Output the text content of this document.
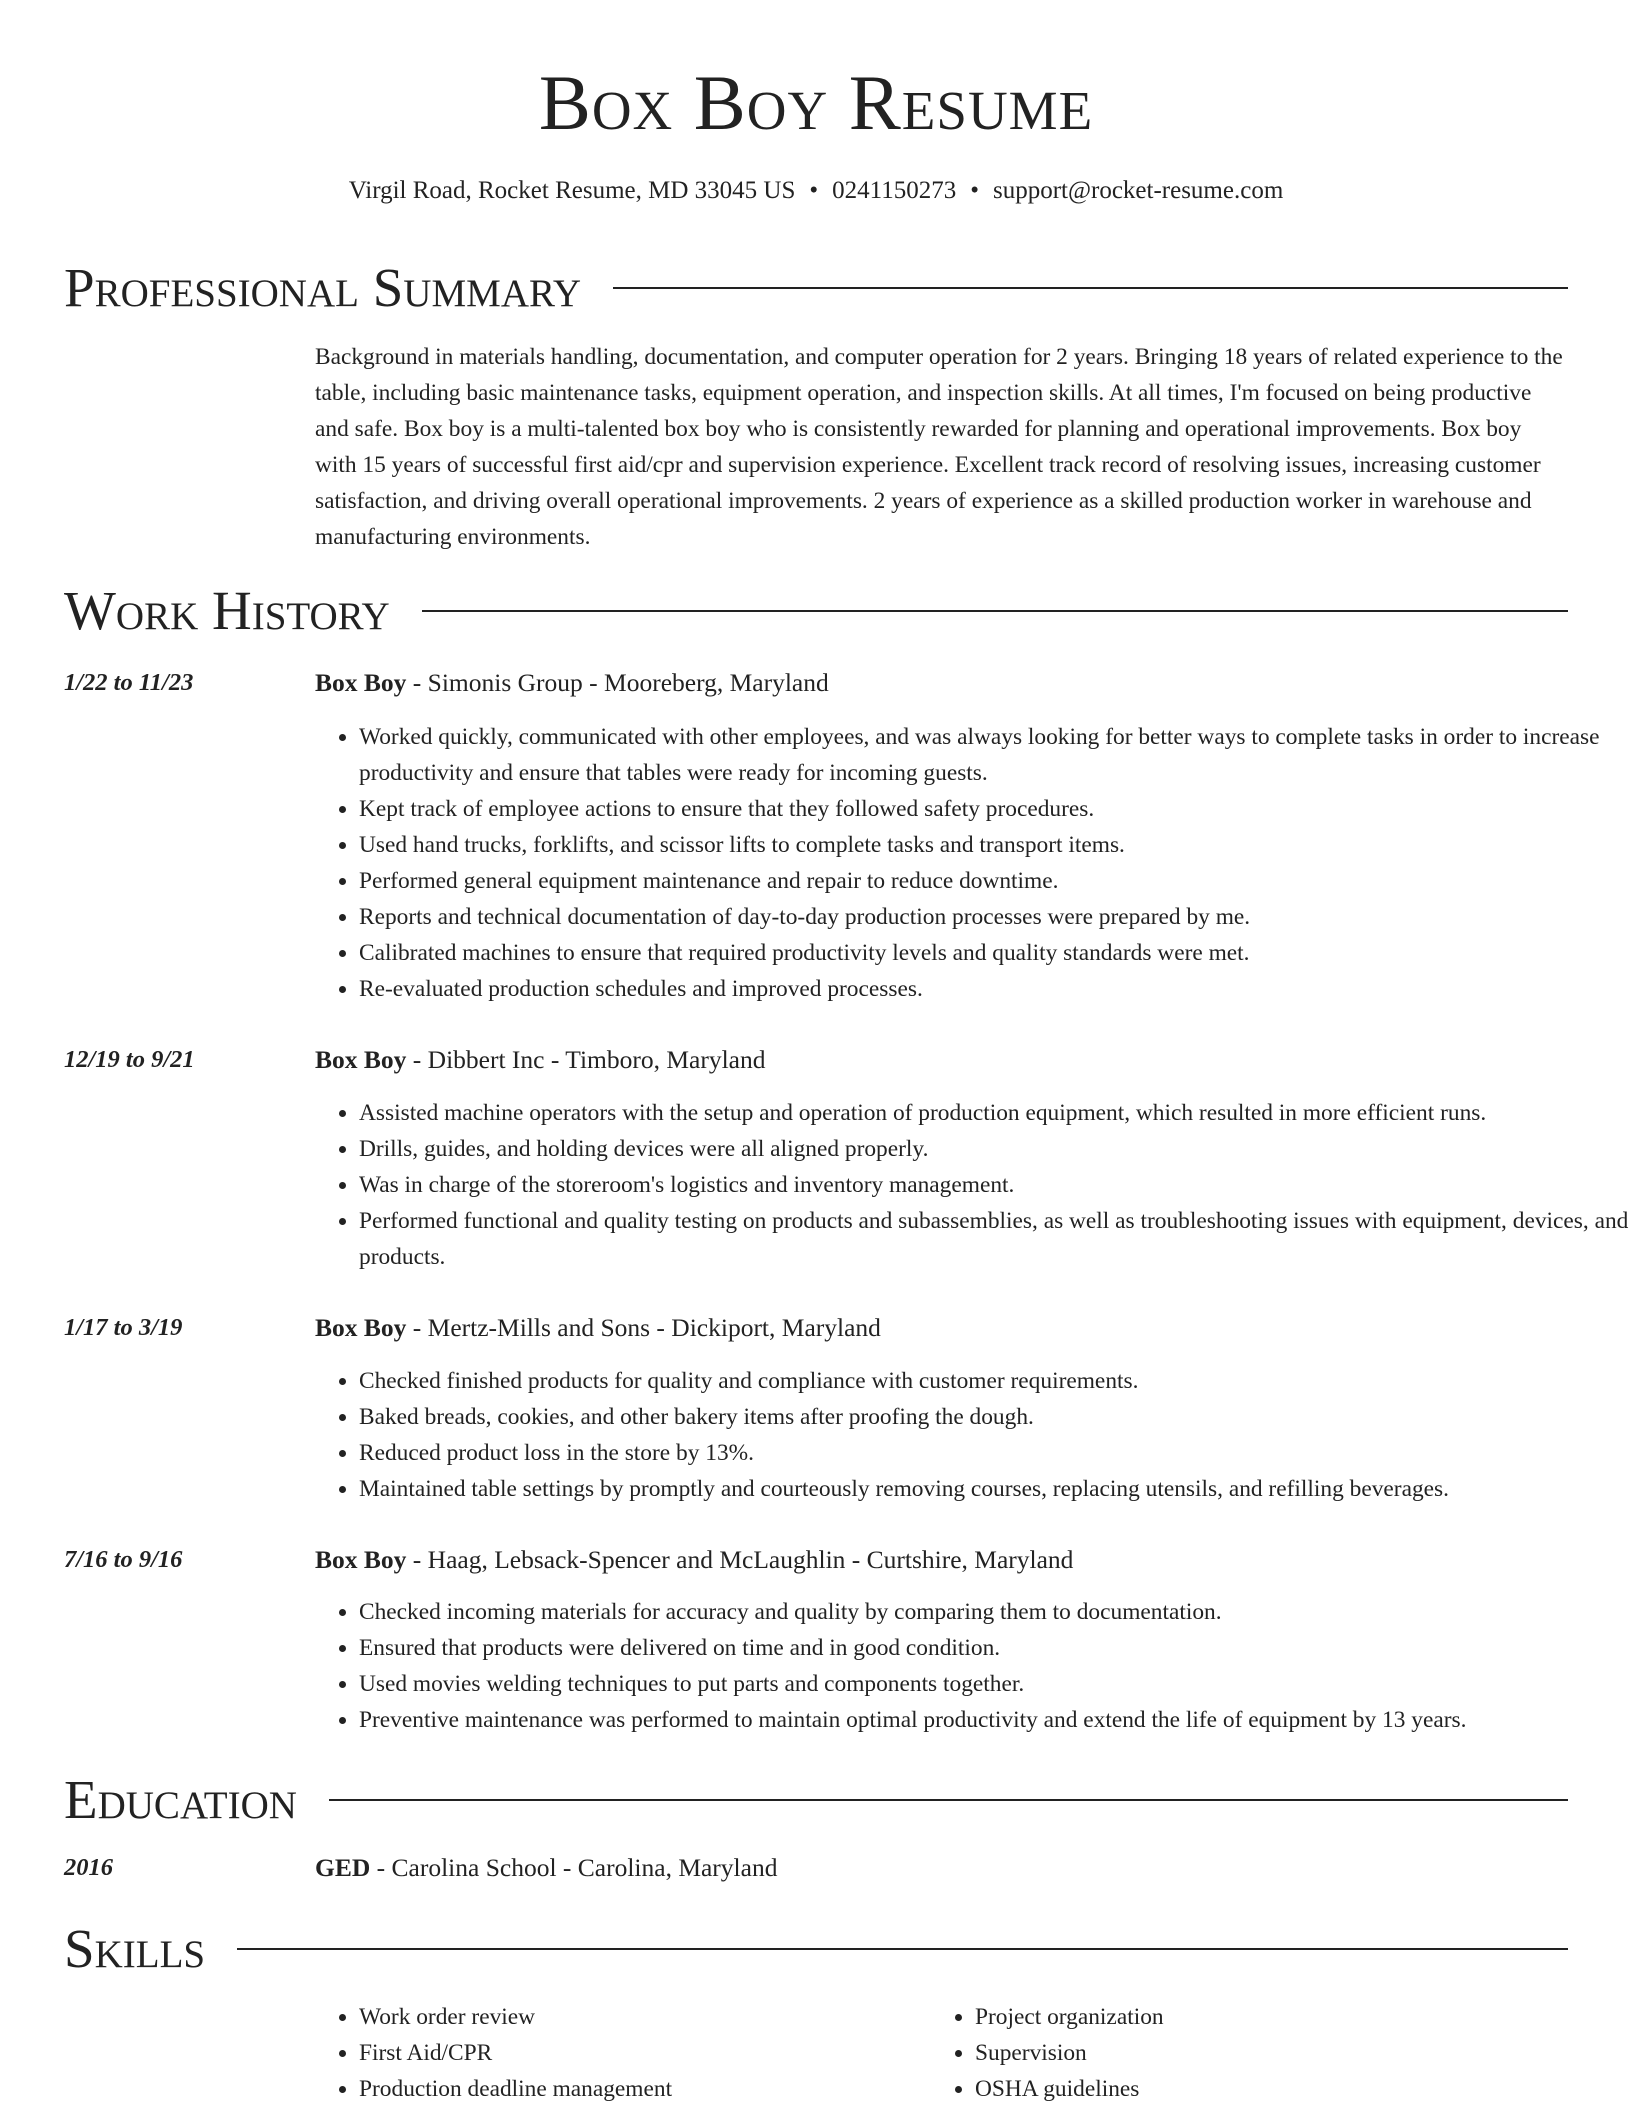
Box Boy Resume
Virgil Road, Rocket Resume, MD 33045 US • 0241150273 • support@rocket-resume.com
Professional Summary

Background in materials handling, documentation, and computer operation for 2 years. Bringing 18 years of related experience to the table, including basic maintenance tasks, equipment operation, and inspection skills. At all times, I'm focused on being productive and safe. Box boy is a multi-talented box boy who is consistently rewarded for planning and operational improvements. Box boy with 15 years of successful first aid/cpr and supervision experience. Excellent track record of resolving issues, increasing customer satisfaction, and driving overall operational improvements. 2 years of experience as a skilled production worker in warehouse and manufacturing environments.

Work History
1/22 to 11/23	Box Boy - Simonis Group - Mooreberg, Maryland
• Worked quickly, communicated with other employees, and was always looking for better ways to complete tasks in order to increase productivity and ensure that tables were ready for incoming guests.
• Kept track of employee actions to ensure that they followed safety procedures.
• Used hand trucks, forklifts, and scissor lifts to complete tasks and transport items.
• Performed general equipment maintenance and repair to reduce downtime.
• Reports and technical documentation of day-to-day production processes were prepared by me.
• Calibrated machines to ensure that required productivity levels and quality standards were met.
• Re-evaluated production schedules and improved processes.
12/19 to 9/21	Box Boy - Dibbert Inc - Timboro, Maryland
• Assisted machine operators with the setup and operation of production equipment, which resulted in more efficient runs.
• Drills, guides, and holding devices were all aligned properly.
• Was in charge of the storeroom's logistics and inventory management.
• Performed functional and quality testing on products and subassemblies, as well as troubleshooting issues with equipment, devices, and products.
1/17 to 3/19	Box Boy - Mertz-Mills and Sons - Dickiport, Maryland
• Checked finished products for quality and compliance with customer requirements.
• Baked breads, cookies, and other bakery items after proofing the dough.
• Reduced product loss in the store by 13%.
• Maintained table settings by promptly and courteously removing courses, replacing utensils, and refilling beverages.
7/16 to 9/16	Box Boy - Haag, Lebsack-Spencer and McLaughlin - Curtshire, Maryland
• Checked incoming materials for accuracy and quality by comparing them to documentation.
• Ensured that products were delivered on time and in good condition.
• Used movies welding techniques to put parts and components together.
• Preventive maintenance was performed to maintain optimal productivity and extend the life of equipment by 13 years.
Education
2016	GED - Carolina School - Carolina, Maryland
Skills
• Work order review
• First Aid/CPR
• Production deadline management
• Project organization
• Supervision
• OSHA guidelines
